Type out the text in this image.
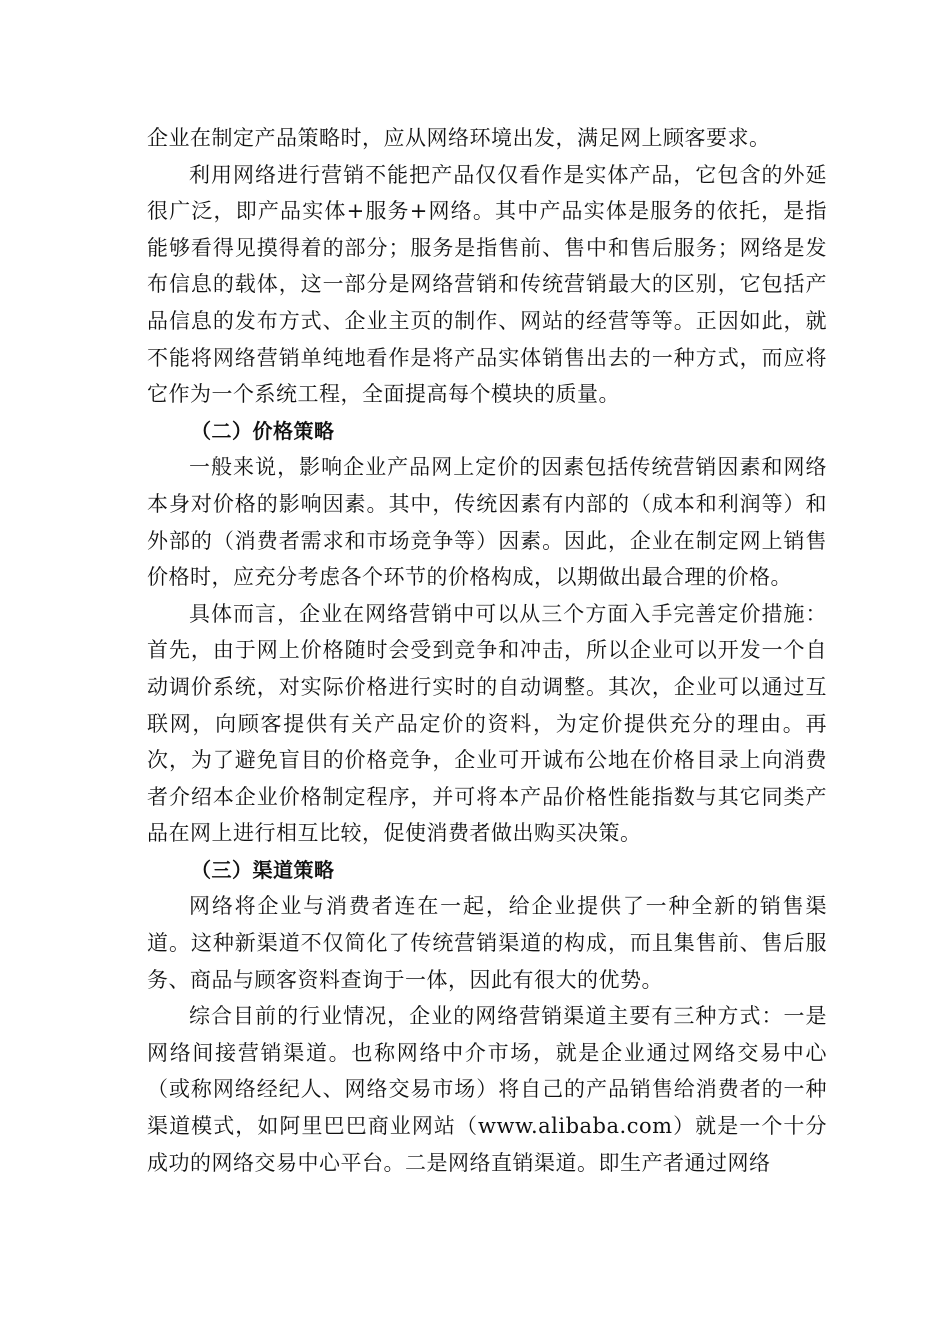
企业在制定产品策略时，应从网络环境出发，满足网上顾客要求。

利用网络进行营销不能把产品仅仅看作是实体产品，它包含的外延很广泛，即产品实体+服务+网络。其中产品实体是服务的依托，是指能够看得见摸得着的部分；服务是指售前、售中和售后服务；网络是发布信息的载体，这一部分是网络营销和传统营销最大的区别，它包括产品信息的发布方式、企业主页的制作、网站的经营等等。正因如此，就不能将网络营销单纯地看作是将产品实体销售出去的一种方式，而应将它作为一个系统工程，全面提高每个模块的质量。

（二）价格策略

一般来说，影响企业产品网上定价的因素包括传统营销因素和网络本身对价格的影响因素。其中，传统因素有内部的（成本和利润等）和外部的（消费者需求和市场竞争等）因素。因此，企业在制定网上销售价格时，应充分考虑各个环节的价格构成，以期做出最合理的价格。

具体而言，企业在网络营销中可以从三个方面入手完善定价措施：首先，由于网上价格随时会受到竞争和冲击，所以企业可以开发一个自动调价系统，对实际价格进行实时的自动调整。其次，企业可以通过互联网，向顾客提供有关产品定价的资料，为定价提供充分的理由。再次，为了避免盲目的价格竞争，企业可开诚布公地在价格目录上向消费者介绍本企业价格制定程序，并可将本产品价格性能指数与其它同类产品在网上进行相互比较，促使消费者做出购买决策。

（三）渠道策略

网络将企业与消费者连在一起，给企业提供了一种全新的销售渠道。这种新渠道不仅简化了传统营销渠道的构成，而且集售前、售后服务、商品与顾客资料查询于一体，因此有很大的优势。

综合目前的行业情况，企业的网络营销渠道主要有三种方式：一是网络间接营销渠道。也称网络中介市场，就是企业通过网络交易中心（或称网络经纪人、网络交易市场）将自己的产品销售给消费者的一种渠道模式，如阿里巴巴商业网站（www.alibaba.com）就是一个十分成功的网络交易中心平台。二是网络直销渠道。即生产者通过网络
